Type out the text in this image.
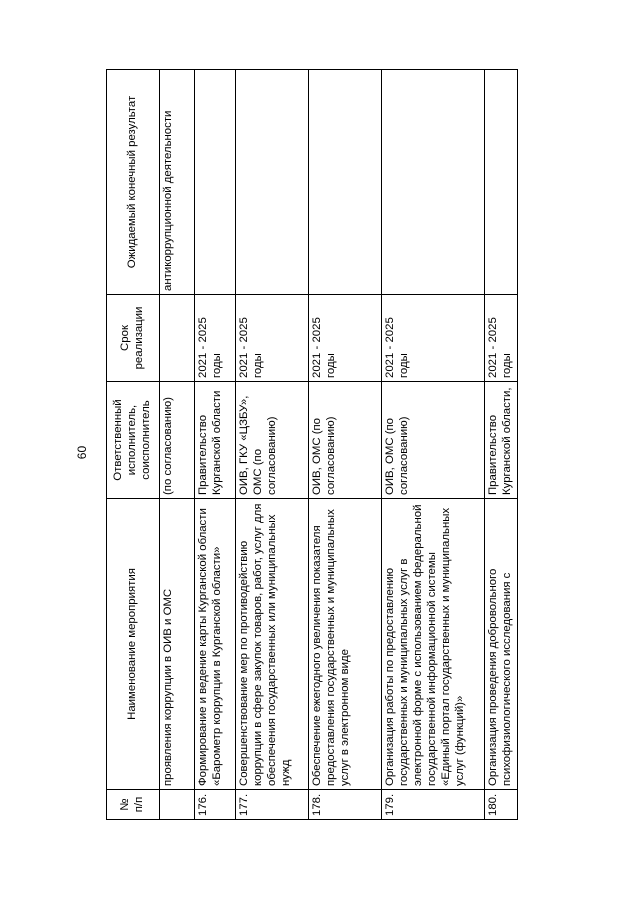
60
№ п/п	Наименование мероприятия	Ответственный исполнитель, соисполнитель	Срок реализации	Ожидаемый конечный результат
	проявления коррупции в ОИВ и ОМС	(по согласованию)		антикоррупционной деятельности
176.	Формирование и ведение карты Курганской области «Барометр коррупции в Курганской области»	Правительство Курганской области	2021 - 2025 годы	
177.	Совершенствование мер по противодействию коррупции в сфере закупок товаров, работ, услуг для обеспечения государственных или муниципальных нужд	ОИВ, ГКУ «ЦЗБУ», ОМС (по согласованию)	2021 - 2025 годы	
178.	Обеспечение ежегодного увеличения показателя предоставления государственных и муниципальных услуг в электронном виде	ОИВ, ОМС (по согласованию)	2021 - 2025 годы	
179.	Организация работы по предоставлению государственных и муниципальных услуг в электронной форме с использованием федеральной государственной информационной системы «Единый портал государственных и муниципальных услуг (функций)»	ОИВ, ОМС (по согласованию)	2021 - 2025 годы	
180.	Организация проведения добровольного психофизиологического исследования с	Правительство Курганской области,	2021 - 2025 годы	
